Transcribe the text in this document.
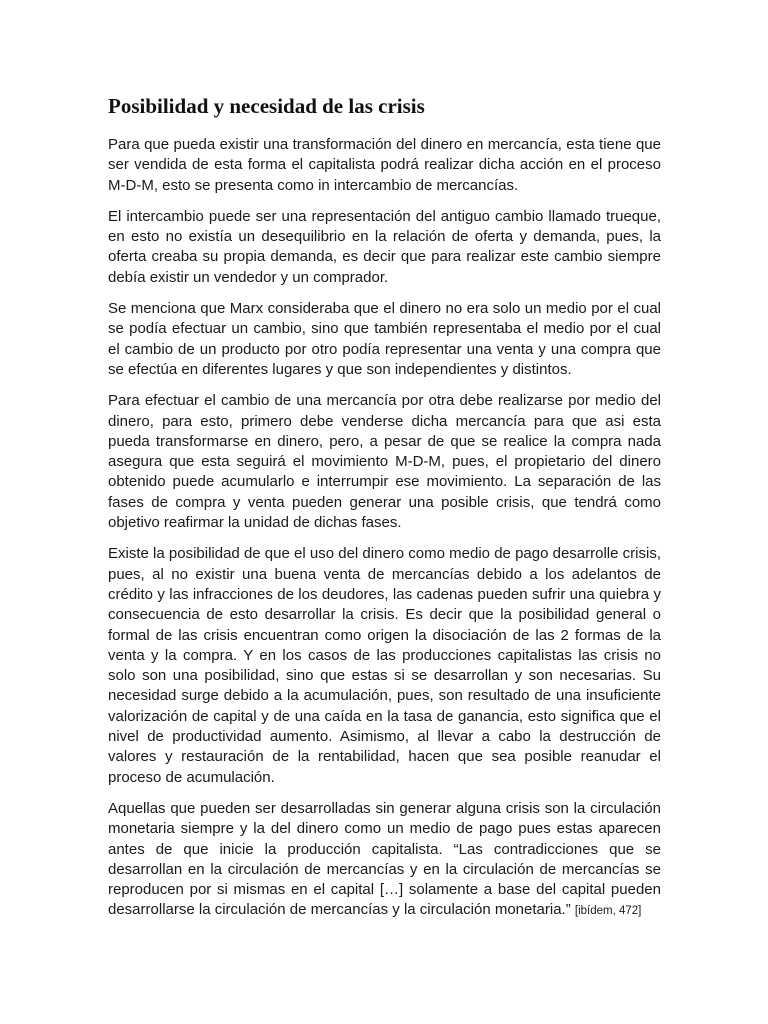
Posibilidad y necesidad de las crisis

Para que pueda existir una transformación del dinero en mercancía, esta tiene que ser vendida de esta forma el capitalista podrá realizar dicha acción en el proceso M-D-M, esto se presenta como in intercambio de mercancías.

El intercambio puede ser una representación del antiguo cambio llamado trueque, en esto no existía un desequilibrio en la relación de oferta y demanda, pues, la oferta creaba su propia demanda, es decir que para realizar este cambio siempre debía existir un vendedor y un comprador.

Se menciona que Marx consideraba que el dinero no era solo un medio por el cual se podía efectuar un cambio, sino que también representaba el medio por el cual el cambio de un producto por otro podía representar una venta y una compra que se efectúa en diferentes lugares y que son independientes y distintos.

Para efectuar el cambio de una mercancía por otra debe realizarse por medio del dinero, para esto, primero debe venderse dicha mercancía para que asi esta pueda transformarse en dinero, pero, a pesar de que se realice la compra nada asegura que esta seguirá el movimiento M-D-M, pues, el propietario del dinero obtenido puede acumularlo e interrumpir ese movimiento. La separación de las fases de compra y venta pueden generar una posible crisis, que tendrá como objetivo reafirmar la unidad de dichas fases.

Existe la posibilidad de que el uso del dinero como medio de pago desarrolle crisis, pues, al no existir una buena venta de mercancías debido a los adelantos de crédito y las infracciones de los deudores, las cadenas pueden sufrir una quiebra y consecuencia de esto desarrollar la crisis. Es decir que la posibilidad general o formal de las crisis encuentran como origen la disociación de las 2 formas de la venta y la compra. Y en los casos de las producciones capitalistas las crisis no solo son una posibilidad, sino que estas si se desarrollan y son necesarias. Su necesidad surge debido a la acumulación, pues, son resultado de una insuficiente valorización de capital y de una caída en la tasa de ganancia, esto significa que el nivel de productividad aumento. Asimismo, al llevar a cabo la destrucción de valores y restauración de la rentabilidad, hacen que sea posible reanudar el proceso de acumulación.

Aquellas que pueden ser desarrolladas sin generar alguna crisis son la circulación monetaria siempre y la del dinero como un medio de pago pues estas aparecen antes de que inicie la producción capitalista. “Las contradicciones que se desarrollan en la circulación de mercancías y en la circulación de mercancías se reproducen por si mismas en el capital […] solamente a base del capital pueden desarrollarse la circulación de mercancías y la circulación monetaria.” [ibídem, 472]
